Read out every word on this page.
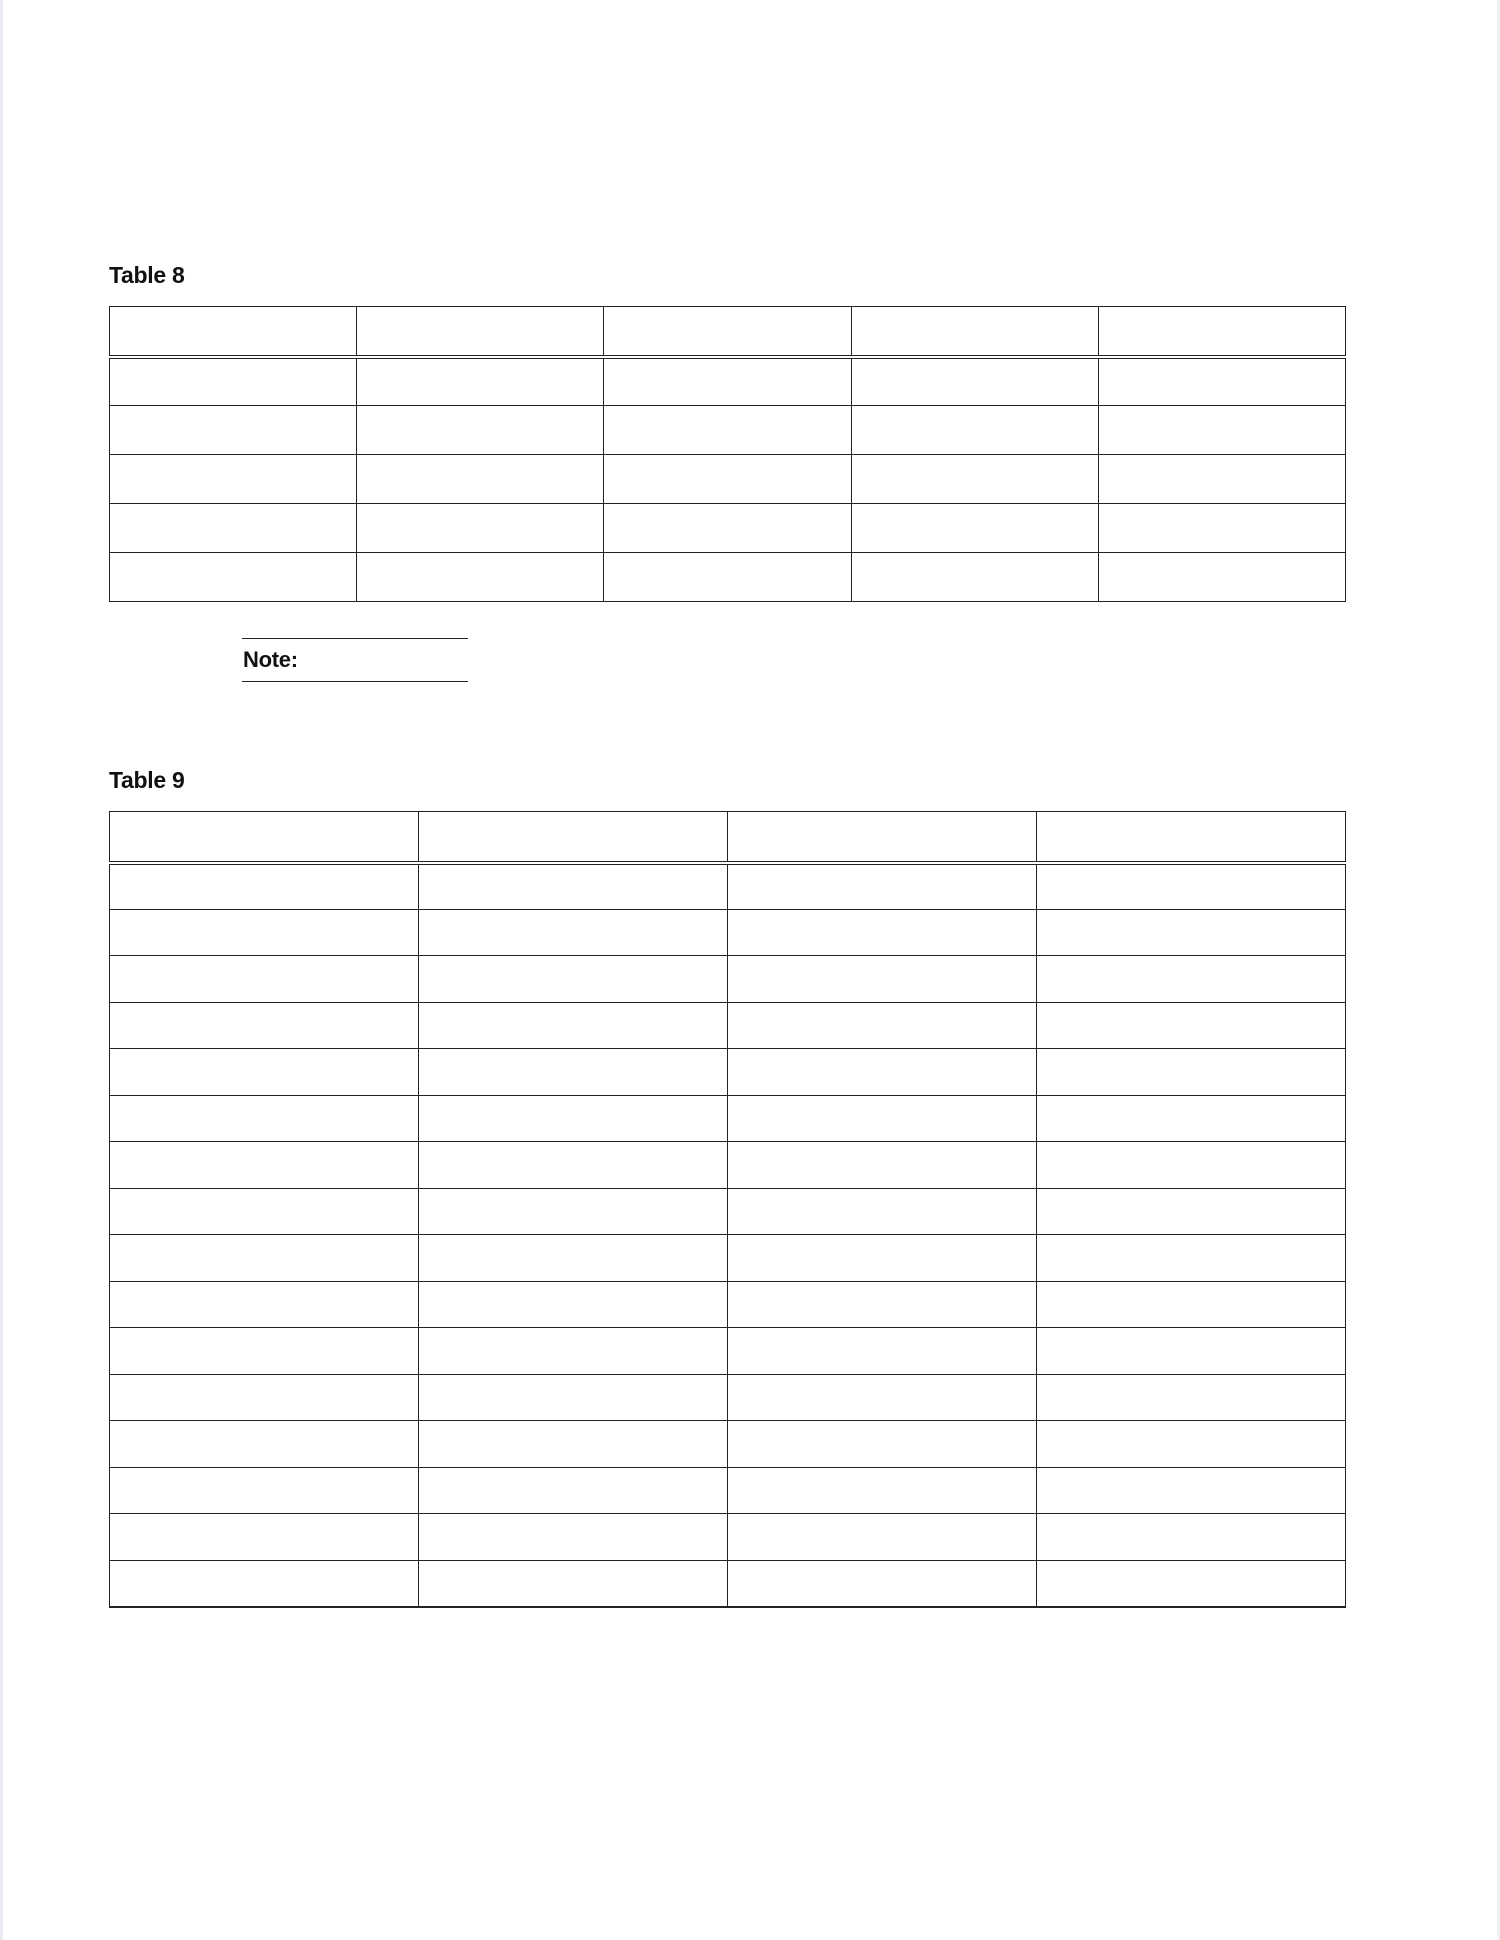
Table 8

Note:
Table 9
